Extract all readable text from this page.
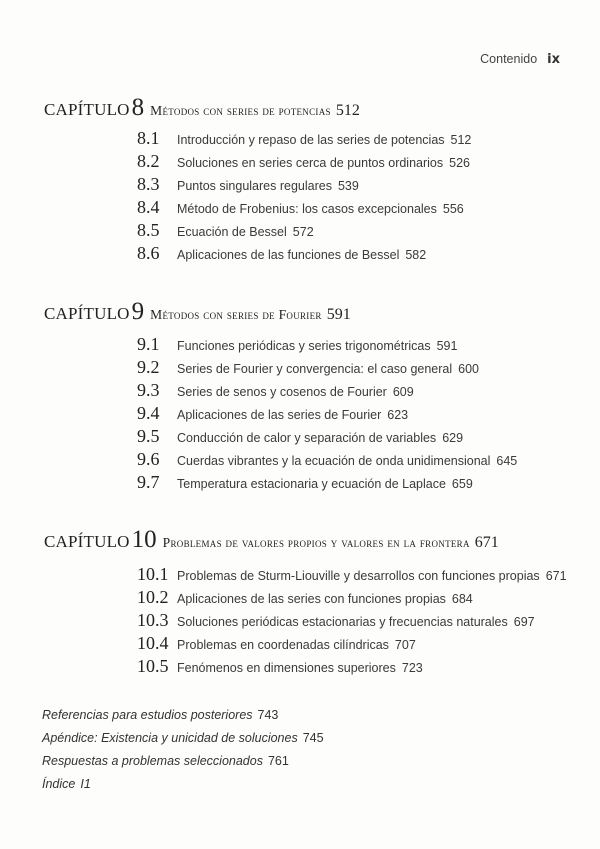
Contenido ix
CAPÍTULO8 Métodos con series de potencias 512
8.1 Introducción y repaso de las series de potencias 512
8.2 Soluciones en series cerca de puntos ordinarios 526
8.3 Puntos singulares regulares 539
8.4 Método de Frobenius: los casos excepcionales 556
8.5 Ecuación de Bessel 572
8.6 Aplicaciones de las funciones de Bessel 582
CAPÍTULO9 Métodos con series de Fourier 591
9.1 Funciones periódicas y series trigonométricas 591
9.2 Series de Fourier y convergencia: el caso general 600
9.3 Series de senos y cosenos de Fourier 609
9.4 Aplicaciones de las series de Fourier 623
9.5 Conducción de calor y separación de variables 629
9.6 Cuerdas vibrantes y la ecuación de onda unidimensional 645
9.7 Temperatura estacionaria y ecuación de Laplace 659
CAPÍTULO10 Problemas de valores propios y valores en la frontera 671
10.1 Problemas de Sturm-Liouville y desarrollos con funciones propias 671
10.2 Aplicaciones de las series con funciones propias 684
10.3 Soluciones periódicas estacionarias y frecuencias naturales 697
10.4 Problemas en coordenadas cilíndricas 707
10.5 Fenómenos en dimensiones superiores 723
Referencias para estudios posteriores 743
Apéndice: Existencia y unicidad de soluciones 745
Respuestas a problemas seleccionados 761
Índice I1
